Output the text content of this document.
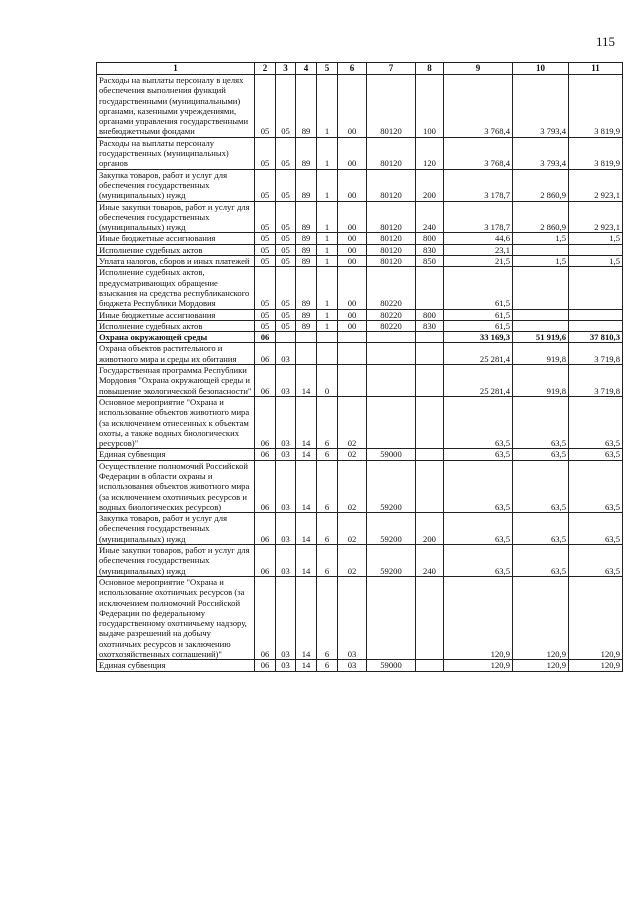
115
1	2	3	4	5	6	7	8	9	10	11
Расходы на выплаты персоналу в целях обеспечения выполнения функций государственными (муниципальными) органами, казенными учреждениями, органами управления государственными внебюджетными фондами	05	05	89	1	00	80120	100	3 768,4	3 793,4	3 819,9
Расходы на выплаты персоналу государственных (муниципальных) органов	05	05	89	1	00	80120	120	3 768,4	3 793,4	3 819,9
Закупка товаров, работ и услуг для обеспечения государственных (муниципальных) нужд	05	05	89	1	00	80120	200	3 178,7	2 860,9	2 923,1
Иные закупки товаров, работ и услуг для обеспечения государственных (муниципальных) нужд	05	05	89	1	00	80120	240	3 178,7	2 860,9	2 923,1
Иные бюджетные ассигнования	05	05	89	1	00	80120	800	44,6	1,5	1,5
Исполнение судебных актов	05	05	89	1	00	80120	830	23,1		
Уплата налогов, сборов и иных платежей	05	05	89	1	00	80120	850	21,5	1,5	1,5
Исполнение судебных актов, предусматривающих обращение взыскания на средства республиканского бюджета Республики Мордовия	05	05	89	1	00	80220		61,5		
Иные бюджетные ассигнования	05	05	89	1	00	80220	800	61,5		
Исполнение судебных актов	05	05	89	1	00	80220	830	61,5		
Охрана окружающей среды	06							33 169,3	51 919,6	37 810,3
Охрана объектов растительного и животного мира и среды их обитания	06	03						25 281,4	919,8	3 719,8
Государственная программа Республики Мордовия "Охрана окружающей среды и повышение экологической безопасности"	06	03	14	0				25 281,4	919,8	3 719,8
Основное мероприятие "Охрана и использование объектов животного мира (за исключением отнесенных к объектам охоты, а также водных биологических ресурсов)"	06	03	14	6	02			63,5	63,5	63,5
Единая субвенция	06	03	14	6	02	59000		63,5	63,5	63,5
Осуществление полномочий Российской Федерации в области охраны и использования объектов животного мира (за исключением охотничьих ресурсов и водных биологических ресурсов)	06	03	14	6	02	59200		63,5	63,5	63,5
Закупка товаров, работ и услуг для обеспечения государственных (муниципальных) нужд	06	03	14	6	02	59200	200	63,5	63,5	63,5
Иные закупки товаров, работ и услуг для обеспечения государственных (муниципальных) нужд	06	03	14	6	02	59200	240	63,5	63,5	63,5
Основное мероприятие "Охрана и использование охотничьих ресурсов (за исключением полномочий Российской Федерации по федеральному государственному охотничьему надзору, выдаче разрешений на добычу охотничьих ресурсов и заключению охотхозяйственных соглашений)"	06	03	14	6	03			120,9	120,9	120,9
Единая субвенция	06	03	14	6	03	59000		120,9	120,9	120,9
